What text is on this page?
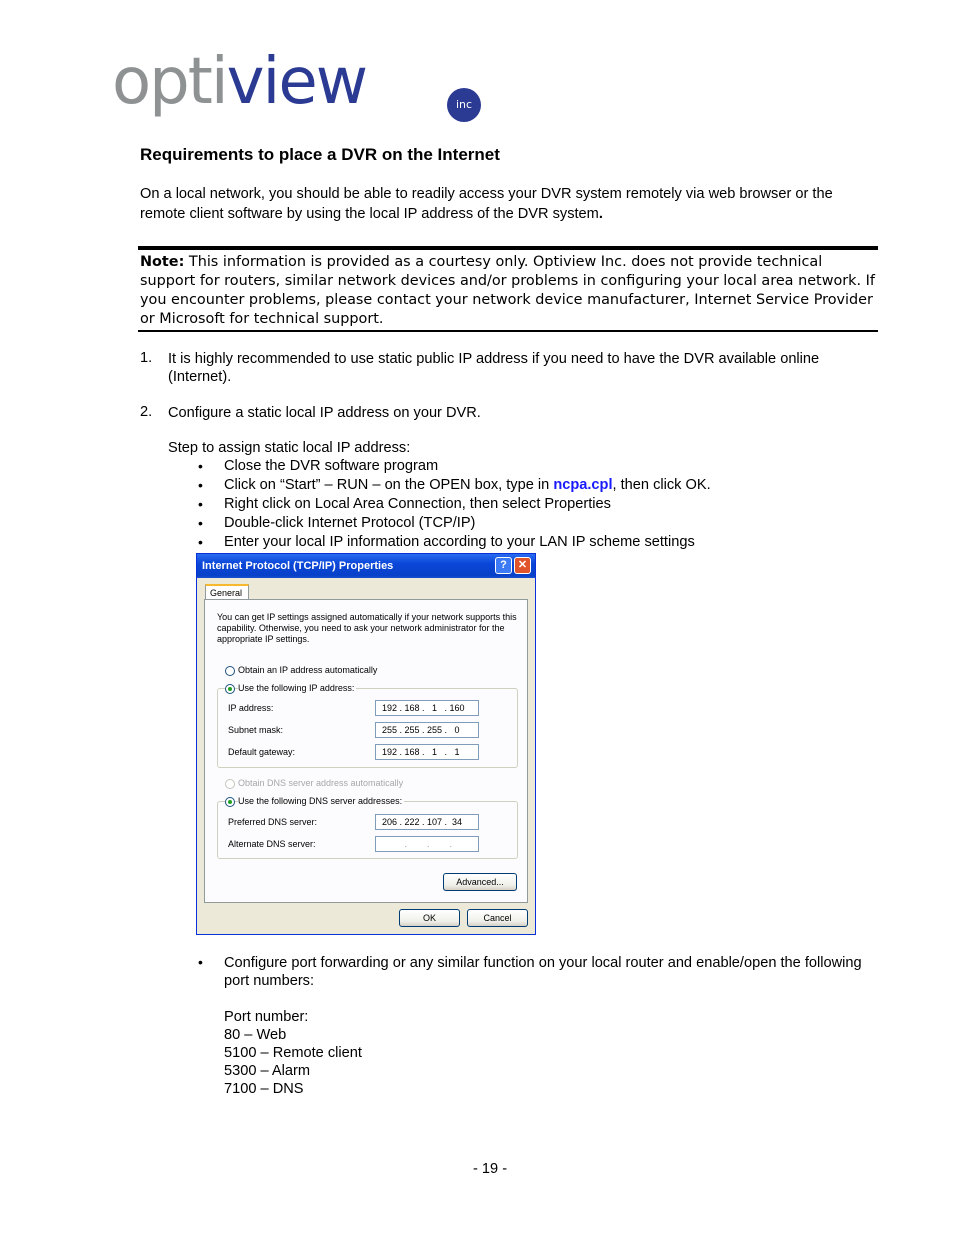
optiview	inc
Requirements to place a DVR on the Internet
On a local network, you should be able to readily access your DVR system remotely via web browser or the remote client software by using the local IP address of the DVR system.
Note: This information is provided as a courtesy only. Optiview Inc. does not provide technical support for routers, similar network devices and/or problems in configuring your local area network. If you encounter problems, please contact your network device manufacturer, Internet Service Provider or Microsoft for technical support.
1. It is highly recommended to use static public IP address if you need to have the DVR available online (Internet).
2. Configure a static local IP address on your DVR.
Step to assign static local IP address:
• Close the DVR software program
• Click on “Start” – RUN – on the OPEN box, type in ncpa.cpl, then click OK.
• Right click on Local Area Connection, then select Properties
• Double-click Internet Protocol (TCP/IP)
• Enter your local IP information according to your LAN IP scheme settings
Internet Protocol (TCP/IP) Properties	?	✕
General
You can get IP settings assigned automatically if your network supports this capability. Otherwise, you need to ask your network administrator for the appropriate IP settings.
Obtain an IP address automatically
Use the following IP address:
IP address:	192 . 168 .   1   . 160
Subnet mask:	255 . 255 . 255 .   0
Default gateway:	192 . 168 .   1   .   1
Obtain DNS server address automatically
Use the following DNS server addresses:
Preferred DNS server:	206 . 222 . 107 .  34
Alternate DNS server:	.        .        .
Advanced...
OK	Cancel
• Configure port forwarding or any similar function on your local router and enable/open the following port numbers:
Port number:
80 – Web
5100 – Remote client
5300 – Alarm
7100 – DNS
- 19 -
